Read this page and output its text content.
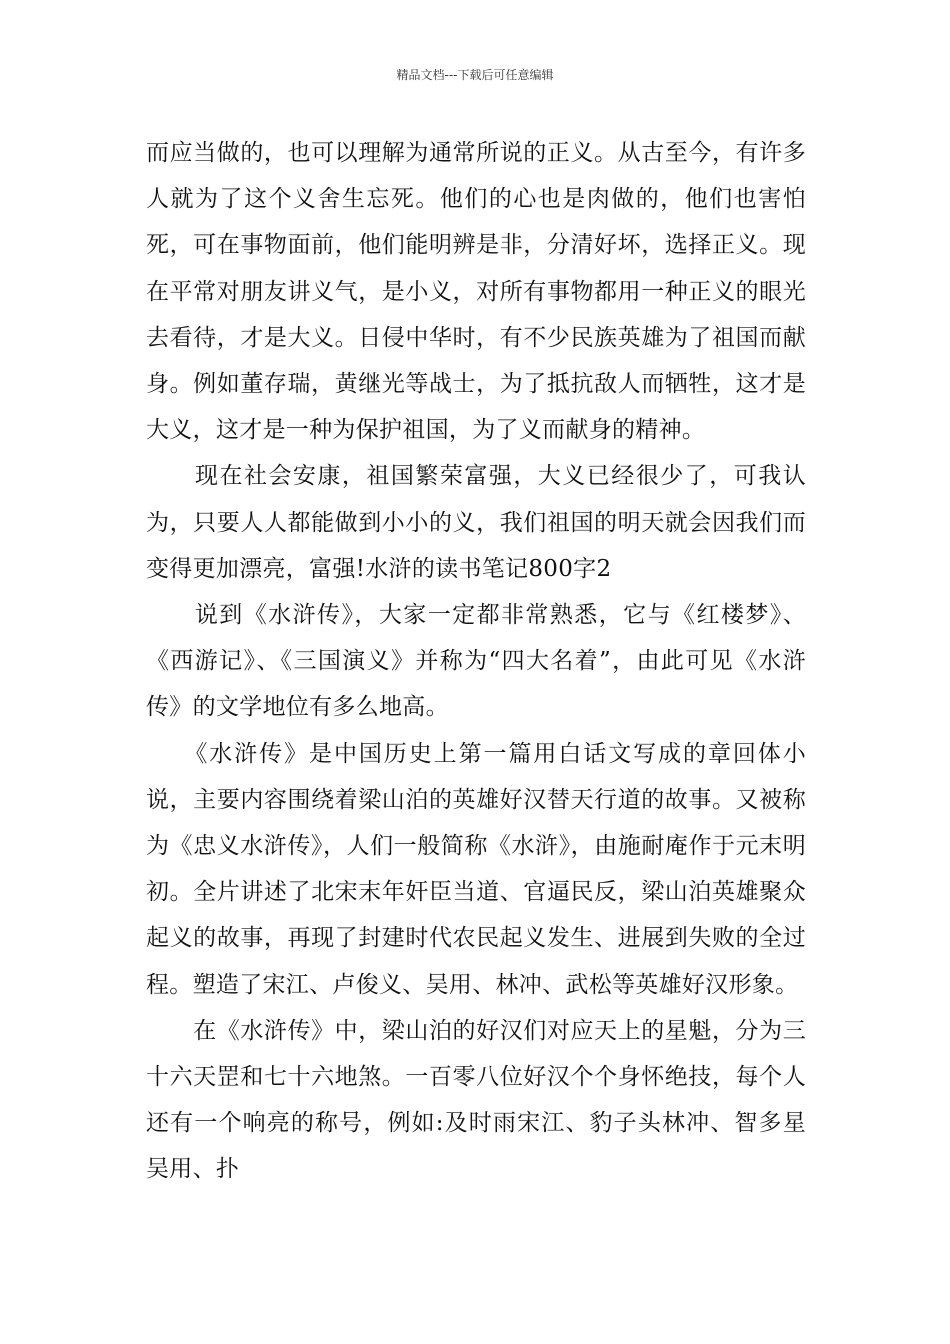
精品文档---下载后可任意编辑

而应当做的，也可以理解为通常所说的正义。从古至今，有许多人就为了这个义舍生忘死。他们的心也是肉做的，他们也害怕死，可在事物面前，他们能明辨是非，分清好坏，选择正义。现在平常对朋友讲义气，是小义，对所有事物都用一种正义的眼光去看待，才是大义。日侵中华时，有不少民族英雄为了祖国而献身。例如董存瑞，黄继光等战士，为了抵抗敌人而牺牲，这才是大义，这才是一种为保护祖国，为了义而献身的精神。

　　现在社会安康，祖国繁荣富强，大义已经很少了，可我认为，只要人人都能做到小小的义，我们祖国的明天就会因我们而变得更加漂亮，富强!水浒的读书笔记800字2

　　说到《水浒传》，大家一定都非常熟悉，它与《红楼梦》、《西游记》、《三国演义》并称为“四大名着”，由此可见《水浒传》的文学地位有多么地高。

　　《水浒传》是中国历史上第一篇用白话文写成的章回体小说，主要内容围绕着梁山泊的英雄好汉替天行道的故事。又被称为《忠义水浒传》，人们一般简称《水浒》，由施耐庵作于元末明初。全片讲述了北宋末年奸臣当道、官逼民反，梁山泊英雄聚众起义的故事，再现了封建时代农民起义发生、进展到失败的全过程。塑造了宋江、卢俊义、吴用、林冲、武松等英雄好汉形象。

　　在《水浒传》中，梁山泊的好汉们对应天上的星魁，分为三十六天罡和七十六地煞。一百零八位好汉个个身怀绝技，每个人还有一个响亮的称号，例如:及时雨宋江、豹子头林冲、智多星吴用、扑
